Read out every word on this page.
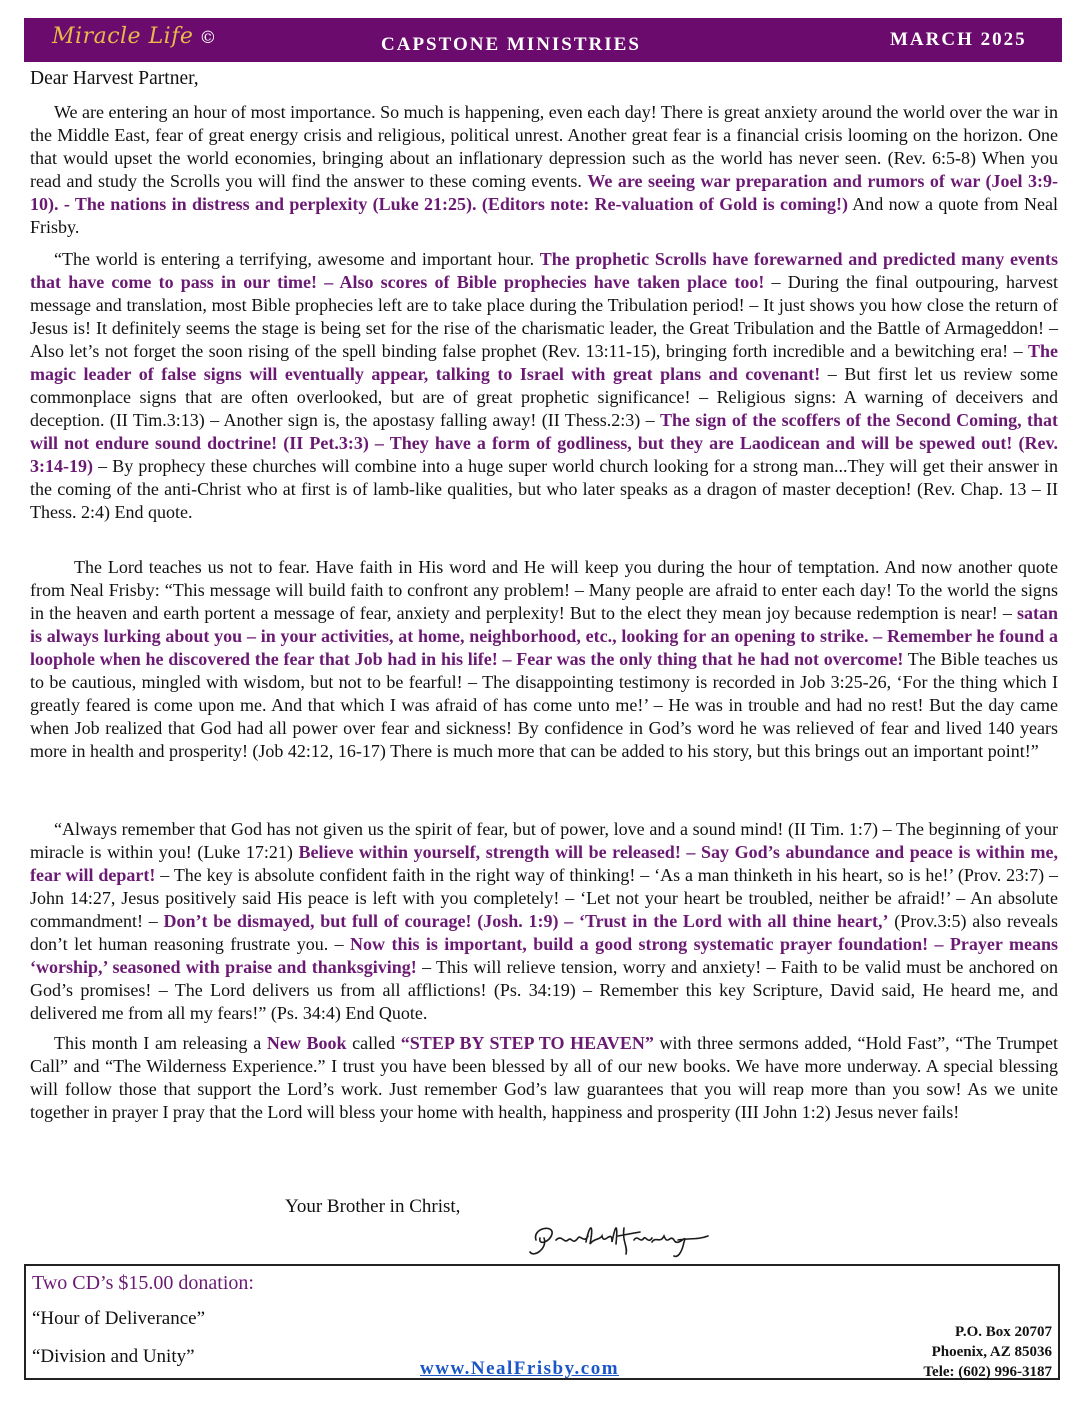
Miracle Life ©	CAPSTONE MINISTRIES	MARCH 2025
Dear Harvest Partner,
We are entering an hour of most importance. So much is happening, even each day! There is great anxiety around the world over the war in the Middle East, fear of great energy crisis and religious, political unrest. Another great fear is a financial crisis looming on the horizon. One that would upset the world economies, bringing about an inflationary depression such as the world has never seen. (Rev. 6:5-8) When you read and study the Scrolls you will find the answer to these coming events. We are seeing war preparation and rumors of war (Joel 3:9-10). - The nations in distress and perplexity (Luke 21:25). (Editors note: Re-valuation of Gold is coming!) And now a quote from Neal Frisby.
“The world is entering a terrifying, awesome and important hour. The prophetic Scrolls have forewarned and predicted many events that have come to pass in our time! – Also scores of Bible prophecies have taken place too! – During the final outpouring, harvest message and translation, most Bible prophecies left are to take place during the Tribulation period! – It just shows you how close the return of Jesus is! It definitely seems the stage is being set for the rise of the charismatic leader, the Great Tribulation and the Battle of Armageddon! – Also let’s not forget the soon rising of the spell binding false prophet (Rev. 13:11-15), bringing forth incredible and a bewitching era! – The magic leader of false signs will eventually appear, talking to Israel with great plans and covenant! – But first let us review some commonplace signs that are often overlooked, but are of great prophetic significance! – Religious signs: A warning of deceivers and deception. (II Tim.3:13) – Another sign is, the apostasy falling away! (II Thess.2:3) – The sign of the scoffers of the Second Coming, that will not endure sound doctrine! (II Pet.3:3) – They have a form of godliness, but they are Laodicean and will be spewed out! (Rev. 3:14-19) – By prophecy these churches will combine into a huge super world church looking for a strong man...They will get their answer in the coming of the anti-Christ who at first is of lamb-like qualities, but who later speaks as a dragon of master deception! (Rev. Chap. 13 – II Thess. 2:4) End quote.
The Lord teaches us not to fear. Have faith in His word and He will keep you during the hour of temptation. And now another quote from Neal Frisby: “This message will build faith to confront any problem! – Many people are afraid to enter each day! To the world the signs in the heaven and earth portent a message of fear, anxiety and perplexity! But to the elect they mean joy because redemption is near! – satan is always lurking about you – in your activities, at home, neighborhood, etc., looking for an opening to strike. – Remember he found a loophole when he discovered the fear that Job had in his life! – Fear was the only thing that he had not overcome! The Bible teaches us to be cautious, mingled with wisdom, but not to be fearful! – The disappointing testimony is recorded in Job 3:25-26, ‘For the thing which I greatly feared is come upon me. And that which I was afraid of has come unto me!’ – He was in trouble and had no rest! But the day came when Job realized that God had all power over fear and sickness! By confidence in God’s word he was relieved of fear and lived 140 years more in health and prosperity! (Job 42:12, 16-17) There is much more that can be added to his story, but this brings out an important point!”
“Always remember that God has not given us the spirit of fear, but of power, love and a sound mind! (II Tim. 1:7) – The beginning of your miracle is within you! (Luke 17:21) Believe within yourself, strength will be released! – Say God’s abundance and peace is within me, fear will depart! – The key is absolute confident faith in the right way of thinking! – ‘As a man thinketh in his heart, so is he!’ (Prov. 23:7) – John 14:27, Jesus positively said His peace is left with you completely! – ‘Let not your heart be troubled, neither be afraid!’ – An absolute commandment! – Don’t be dismayed, but full of courage! (Josh. 1:9) – ‘Trust in the Lord with all thine heart,’ (Prov.3:5) also reveals don’t let human reasoning frustrate you. – Now this is important, build a good strong systematic prayer foundation! – Prayer means ‘worship,’ seasoned with praise and thanksgiving! – This will relieve tension, worry and anxiety! – Faith to be valid must be anchored on God’s promises! – The Lord delivers us from all afflictions! (Ps. 34:19) – Remember this key Scripture, David said, He heard me, and delivered me from all my fears!” (Ps. 34:4) End Quote.
This month I am releasing a New Book called “STEP BY STEP TO HEAVEN” with three sermons added, “Hold Fast”, “The Trumpet Call” and “The Wilderness Experience.” I trust you have been blessed by all of our new books. We have more underway. A special blessing will follow those that support the Lord’s work. Just remember God’s law guarantees that you will reap more than you sow! As we unite together in prayer I pray that the Lord will bless your home with health, happiness and prosperity (III John 1:2) Jesus never fails!
Your Brother in Christ,
Two CD’s $15.00 donation:
“Hour of Deliverance”
“Division and Unity”
www.NealFrisby.com
P.O. Box 20707
Phoenix, AZ 85036
Tele: (602) 996-3187
